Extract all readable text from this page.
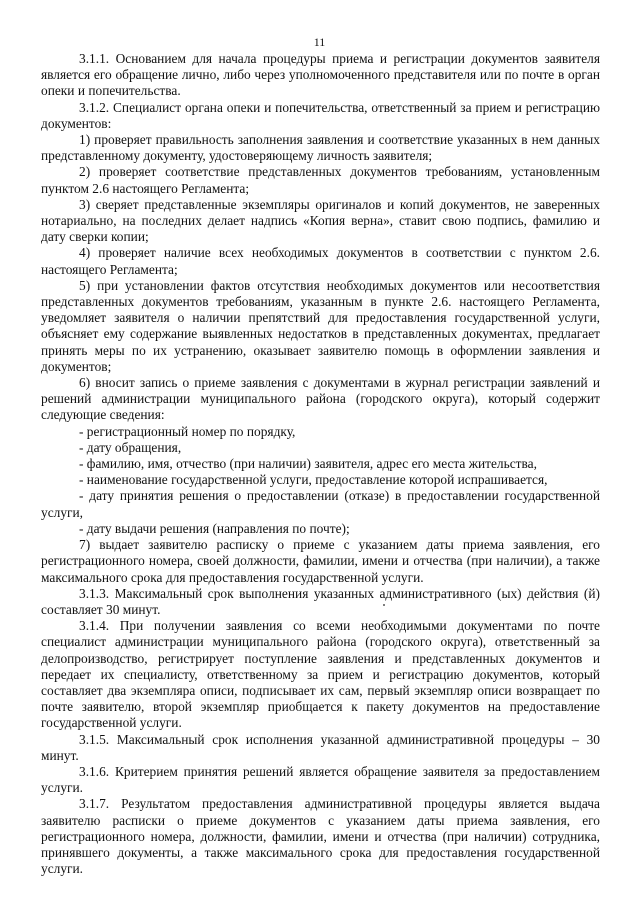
11

3.1.1. Основанием для начала процедуры приема и регистрации документов заявителя является его обращение лично, либо через уполномоченного представителя или по почте в орган опеки и попечительства.

3.1.2. Специалист органа опеки и попечительства, ответственный за прием и регистрацию документов:

1) проверяет правильность заполнения заявления и соответствие указанных в нем данных представленному документу, удостоверяющему личность заявителя;

2) проверяет соответствие представленных документов требованиям, установленным пунктом 2.6 настоящего Регламента;

3) сверяет представленные экземпляры оригиналов и копий документов, не заверенных нотариально, на последних делает надпись «Копия верна», ставит свою подпись, фамилию и дату сверки копии;

4) проверяет наличие всех необходимых документов в соответствии с пунктом 2.6. настоящего Регламента;

5) при установлении фактов отсутствия необходимых документов или несоответствия представленных документов требованиям, указанным в пункте 2.6. настоящего Регламента, уведомляет заявителя о наличии препятствий для предоставления государственной услуги, объясняет ему содержание выявленных недостатков в представленных документах, предлагает принять меры по их устранению, оказывает заявителю помощь в оформлении заявления и документов;

6) вносит запись о приеме заявления с документами в журнал регистрации заявлений и решений администрации муниципального района (городского округа), который содержит следующие сведения:

- регистрационный номер по порядку,

- дату обращения,

- фамилию, имя, отчество (при наличии) заявителя, адрес его места жительства,

- наименование государственной услуги, предоставление которой испрашивается,

- дату принятия решения о предоставлении (отказе) в предоставлении государственной услуги,

- дату выдачи решения (направления по почте);

7) выдает заявителю расписку о приеме с указанием даты приема заявления, его регистрационного номера, своей должности, фамилии, имени и отчества (при наличии), а также максимального срока для предоставления государственной услуги.

3.1.3. Максимальный срок выполнения указанных административного (ых) действия (й) составляет 30 минут.

3.1.4. При получении заявления со всеми необходимыми документами по почте специалист администрации муниципального района (городского округа), ответственный за делопроизводство, регистрирует поступление заявления и представленных документов и передает их специалисту, ответственному за прием и регистрацию документов, который составляет два экземпляра описи, подписывает их сам, первый экземпляр описи возвращает по почте заявителю, второй экземпляр приобщается к пакету документов на предоставление государственной услуги.

3.1.5. Максимальный срок исполнения указанной административной процедуры – 30 минут.

3.1.6. Критерием принятия решений является обращение заявителя за предоставлением услуги.

3.1.7. Результатом предоставления административной процедуры является выдача заявителю расписки о приеме документов с указанием даты приема заявления, его регистрационного номера, должности, фамилии, имени и отчества (при наличии) сотрудника, принявшего документы, а также максимального срока для предоставления государственной услуги.
